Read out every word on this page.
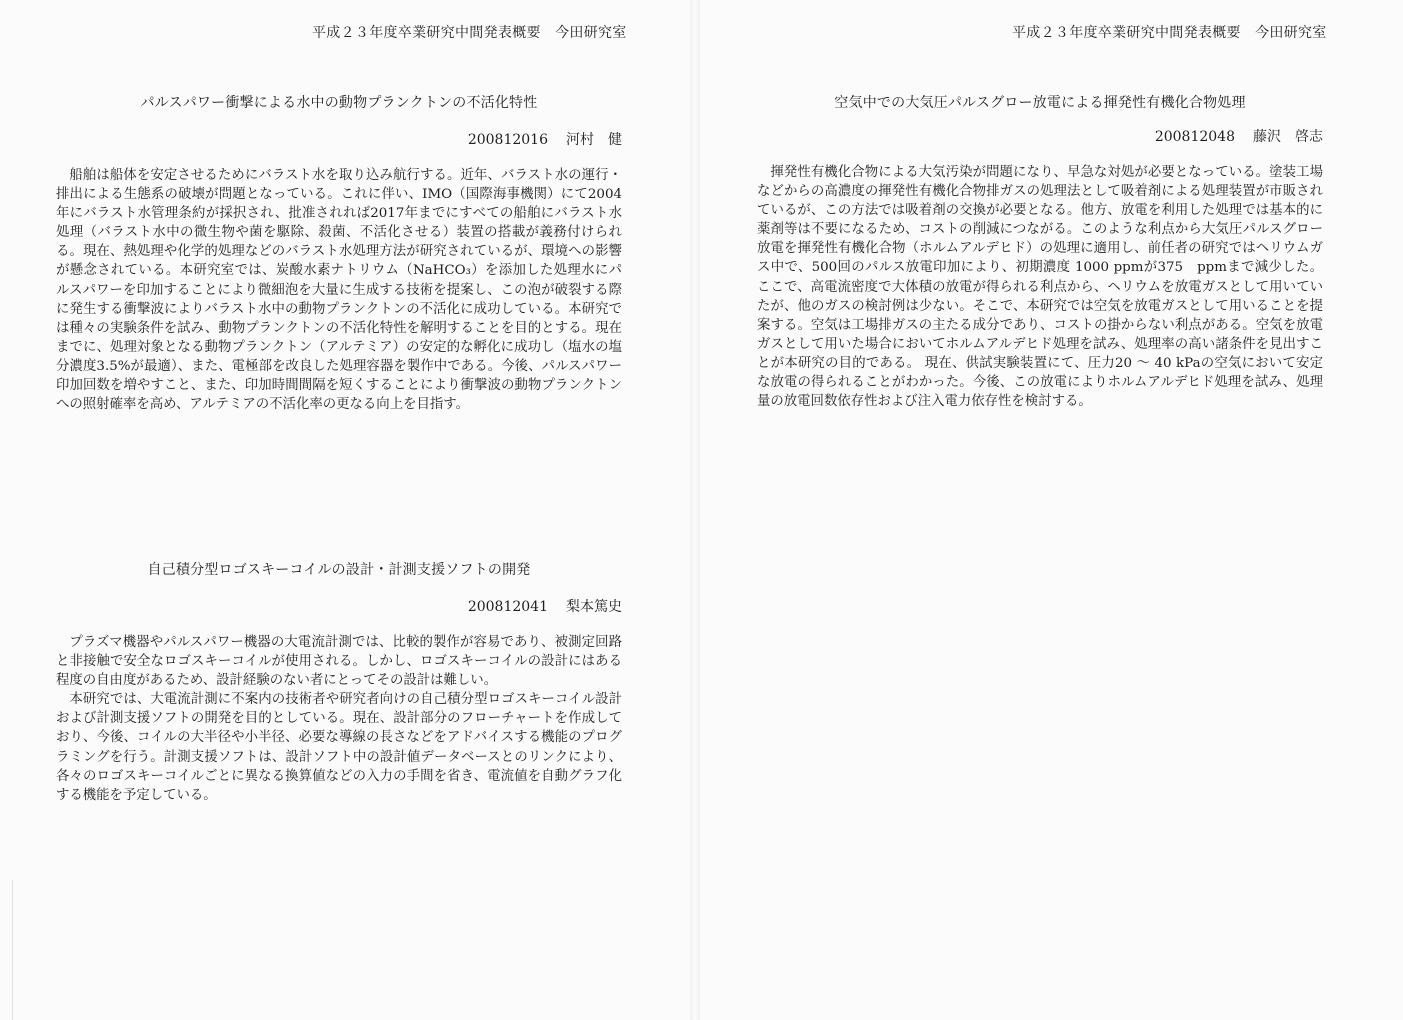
平成２３年度卒業研究中間発表概要　今田研究室	平成２３年度卒業研究中間発表概要　今田研究室
パルスパワー衝撃による水中の動物プランクトンの不活化特性
200812016 河村　健

船舶は船体を安定させるためにバラスト水を取り込み航行する。近年、バラスト水の運行・排出による生態系の破壊が問題となっている。これに伴い、IMO（国際海事機関）にて2004年にバラスト水管理条約が採択され、批准されれば2017年までにすべての船舶にバラスト水処理（バラスト水中の微生物や菌を駆除、殺菌、不活化させる）装置の搭載が義務付けられる。現在、熱処理や化学的処理などのバラスト水処理方法が研究されているが、環境への影響が懸念されている。本研究室では、炭酸水素ナトリウム（NaHCO₃）を添加した処理水にパルスパワーを印加することにより微細泡を大量に生成する技術を提案し、この泡が破裂する際に発生する衝撃波によりバラスト水中の動物プランクトンの不活化に成功している。本研究では種々の実験条件を試み、動物プランクトンの不活化特性を解明することを目的とする。現在までに、処理対象となる動物プランクトン（アルテミア）の安定的な孵化に成功し（塩水の塩分濃度3.5%が最適）、また、電極部を改良した処理容器を製作中である。今後、パルスパワー印加回数を増やすこと、また、印加時間間隔を短くすることにより衝撃波の動物プランクトンへの照射確率を高め、アルテミアの不活化率の更なる向上を目指す。

自己積分型ロゴスキーコイルの設計・計測支援ソフトの開発
200812041 梨本篤史

プラズマ機器やパルスパワー機器の大電流計測では、比較的製作が容易であり、被測定回路と非接触で安全なロゴスキーコイルが使用される。しかし、ロゴスキーコイルの設計にはある程度の自由度があるため、設計経験のない者にとってその設計は難しい。

本研究では、大電流計測に不案内の技術者や研究者向けの自己積分型ロゴスキーコイル設計および計測支援ソフトの開発を目的としている。現在、設計部分のフローチャートを作成しており、今後、コイルの大半径や小半径、必要な導線の長さなどをアドバイスする機能のプログラミングを行う。計測支援ソフトは、設計ソフト中の設計値データベースとのリンクにより、各々のロゴスキーコイルごとに異なる換算値などの入力の手間を省き、電流値を自動グラフ化する機能を予定している。

空気中での大気圧パルスグロー放電による揮発性有機化合物処理
200812048 藤沢　啓志

揮発性有機化合物による大気汚染が問題になり、早急な対処が必要となっている。塗装工場などからの高濃度の揮発性有機化合物排ガスの処理法として吸着剤による処理装置が市販されているが、この方法では吸着剤の交換が必要となる。他方、放電を利用した処理では基本的に薬剤等は不要になるため、コストの削減につながる。このような利点から大気圧パルスグロー放電を揮発性有機化合物（ホルムアルデヒド）の処理に適用し、前任者の研究ではヘリウムガス中で、500回のパルス放電印加により、初期濃度 1000 ppmが375　ppmまで減少した。ここで、高電流密度で大体積の放電が得られる利点から、ヘリウムを放電ガスとして用いていたが、他のガスの検討例は少ない。そこで、本研究では空気を放電ガスとして用いることを提案する。空気は工場排ガスの主たる成分であり、コストの掛からない利点がある。空気を放電ガスとして用いた場合においてホルムアルデヒド処理を試み、処理率の高い諸条件を見出すことが本研究の目的である。 現在、供試実験装置にて、圧力20 ～ 40 kPaの空気において安定な放電の得られることがわかった。今後、この放電によりホルムアルデヒド処理を試み、処理量の放電回数依存性および注入電力依存性を検討する。
